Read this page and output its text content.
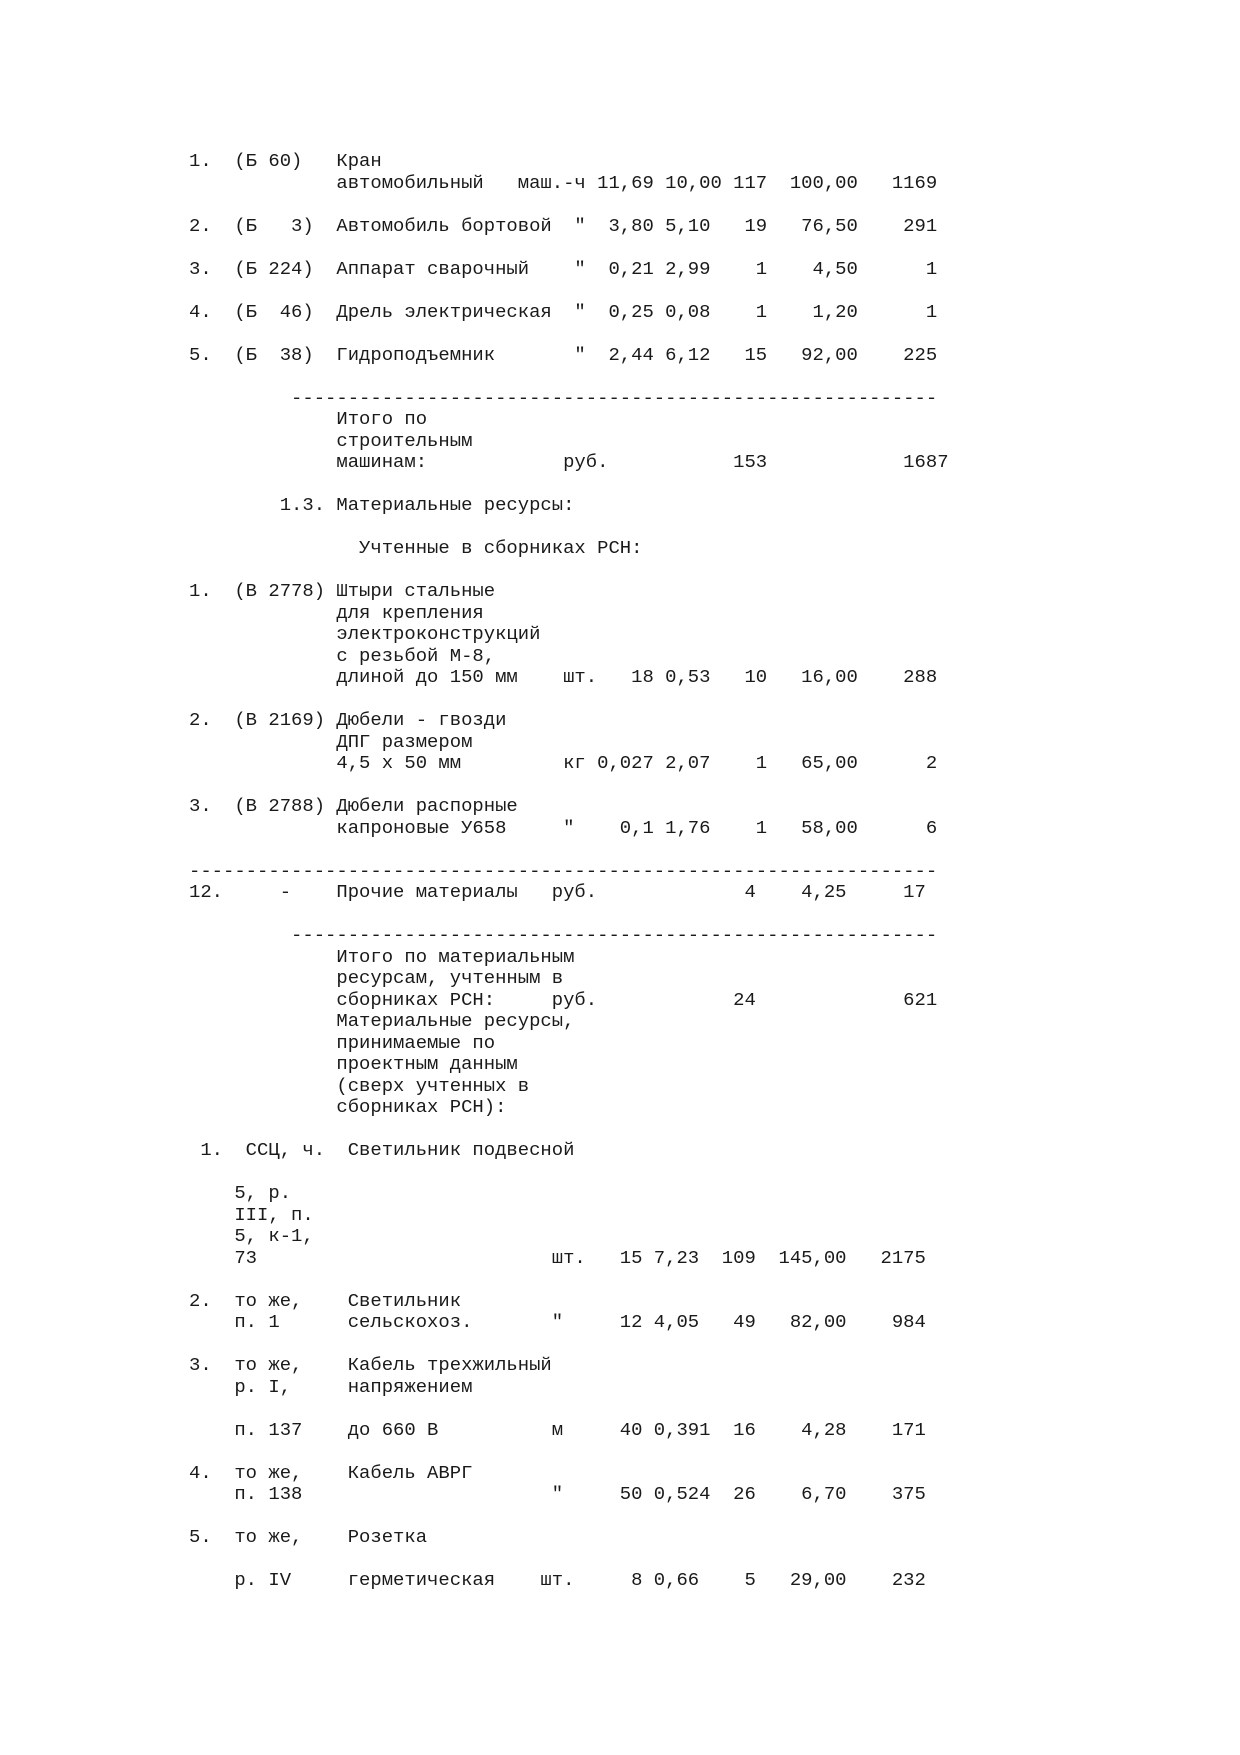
1.  (Б 60)   Кран
автомобильный   маш.-ч 11,69 10,00 117  100,00   1169

2.  (Б   3)  Автомобиль бортовой  "  3,80 5,10   19   76,50    291

3.  (Б 224)  Аппарат сварочный    "  0,21 2,99    1    4,50      1

4.  (Б  46)  Дрель электрическая  "  0,25 0,08    1    1,20      1

5.  (Б  38)  Гидроподъемник       "  2,44 6,12   15   92,00    225

---------------------------------------------------------
Итого по
строительным
машинам:            руб.           153            1687

1.3. Материальные ресурсы:

Учтенные в сборниках РСН:

1.  (В 2778) Штыри стальные
для крепления
электроконструкций
с резьбой М-8,
длиной до 150 мм    шт.   18 0,53   10   16,00    288

2.  (В 2169) Дюбели - гвозди
ДПГ размером
4,5 x 50 мм         кг 0,027 2,07    1   65,00      2

3.  (В 2788) Дюбели распорные
капроновые У658     "    0,1 1,76    1   58,00      6

------------------------------------------------------------------
12.     -    Прочие материалы   руб.             4    4,25     17

---------------------------------------------------------
Итого по материальным
ресурсам, учтенным в
сборниках РСН:     руб.            24             621
Материальные ресурсы,
принимаемые по
проектным данным
(сверх учтенных в
сборниках РСН):

1.  ССЦ, ч.  Светильник подвесной

5, р.
III, п.
5, к-1,
73                          шт.   15 7,23  109  145,00   2175

2.  то же,    Светильник
п. 1      сельскохоз.       "     12 4,05   49   82,00    984

3.  то же,    Кабель трехжильный
р. I,     напряжением

п. 137    до 660 В          м     40 0,391  16    4,28    171

4.  то же,    Кабель АВРГ
п. 138                      "     50 0,524  26    6,70    375

5.  то же,    Розетка

р. IV     герметическая    шт.     8 0,66    5   29,00    232
